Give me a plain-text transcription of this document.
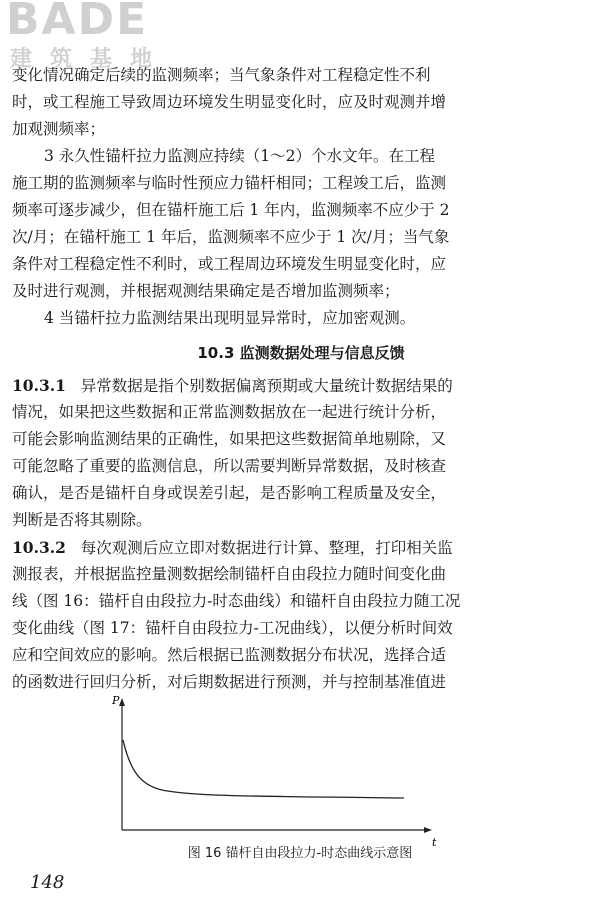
BADE
建筑基地
变化情况确定后续的监测频率；当气象条件对工程稳定性不利
时，或工程施工导致周边环境发生明显变化时，应及时观测并增
加观测频率；
3 永久性锚杆拉力监测应持续（1～2）个水文年。在工程
施工期的监测频率与临时性预应力锚杆相同；工程竣工后，监测
频率可逐步减少，但在锚杆施工后 1 年内，监测频率不应少于 2
次/月；在锚杆施工 1 年后，监测频率不应少于 1 次/月；当气象
条件对工程稳定性不利时，或工程周边环境发生明显变化时，应
及时进行观测，并根据观测结果确定是否增加监测频率；
4 当锚杆拉力监测结果出现明显异常时，应加密观测。
10.3 监测数据处理与信息反馈
10.3.1 异常数据是指个别数据偏离预期或大量统计数据结果的
情况，如果把这些数据和正常监测数据放在一起进行统计分析，
可能会影响监测结果的正确性，如果把这些数据简单地剔除，又
可能忽略了重要的监测信息，所以需要判断异常数据，及时核查
确认，是否是锚杆自身或误差引起，是否影响工程质量及安全，
判断是否将其剔除。
10.3.2 每次观测后应立即对数据进行计算、整理，打印相关监
测报表，并根据监控量测数据绘制锚杆自由段拉力随时间变化曲
线（图 16：锚杆自由段拉力-时态曲线）和锚杆自由段拉力随工况
变化曲线（图 17：锚杆自由段拉力-工况曲线），以便分析时间效
应和空间效应的影响。然后根据已监测数据分布状况，选择合适
的函数进行回归分析，对后期数据进行预测，并与控制基准值进
P
t
图 16 锚杆自由段拉力-时态曲线示意图
148
